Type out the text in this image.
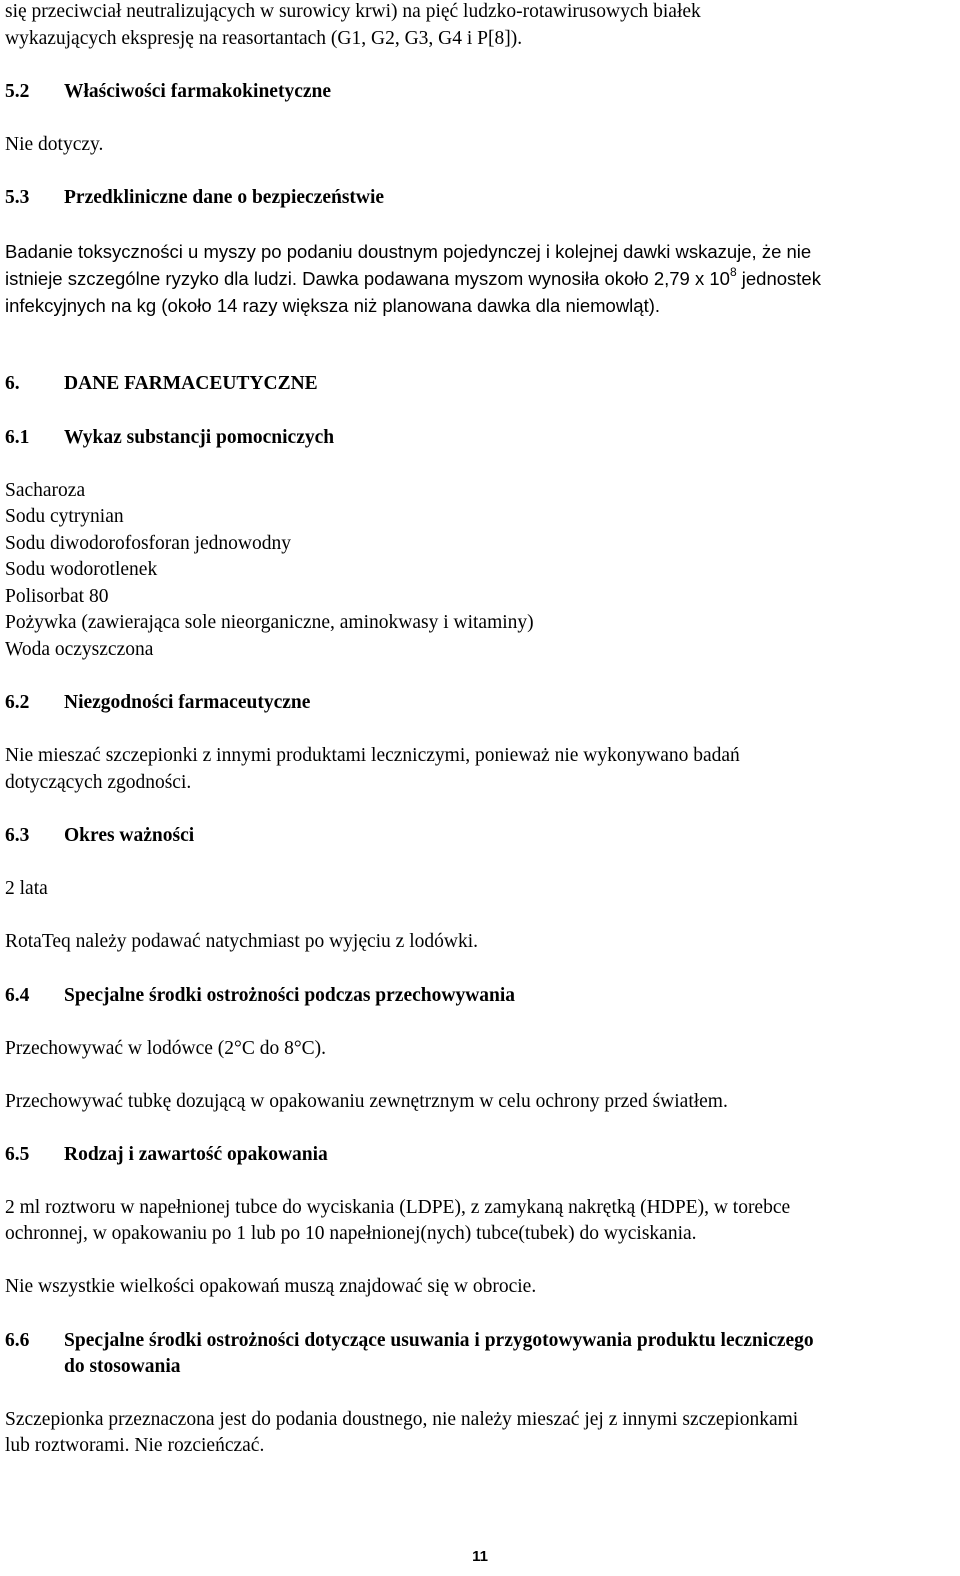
się przeciwciał neutralizujących w surowicy krwi) na pięć ludzko-rotawirusowych białek
wykazujących ekspresję na reasortantach (G1, G2, G3, G4 i P[8]).
5.2 Właściwości farmakokinetyczne
Nie dotyczy.
5.3 Przedkliniczne dane o bezpieczeństwie
Badanie toksyczności u myszy po podaniu doustnym pojedynczej i kolejnej dawki wskazuje, że nie
istnieje szczególne ryzyko dla ludzi. Dawka podawana myszom wynosiła około 2,79 x $10^8$ jednostek
infekcyjnych na kg (około 14 razy większa niż planowana dawka dla niemowląt).
6. DANE FARMACEUTYCZNE
6.1 Wykaz substancji pomocniczych
Sacharoza
Sodu cytrynian
Sodu diwodorofosforan jednowodny
Sodu wodorotlenek
Polisorbat 80
Pożywka (zawierająca sole nieorganiczne, aminokwasy i witaminy)
Woda oczyszczona
6.2 Niezgodności farmaceutyczne
Nie mieszać szczepionki z innymi produktami leczniczymi, ponieważ nie wykonywano badań
dotyczących zgodności.
6.3 Okres ważności
2 lata
RotaTeq należy podawać natychmiast po wyjęciu z lodówki.
6.4 Specjalne środki ostrożności podczas przechowywania
Przechowywać w lodówce (2°C do 8°C).
Przechowywać tubkę dozującą w opakowaniu zewnętrznym w celu ochrony przed światłem.
6.5 Rodzaj i zawartość opakowania
2 ml roztworu w napełnionej tubce do wyciskania (LDPE), z zamykaną nakrętką (HDPE), w torebce
ochronnej, w opakowaniu po 1 lub po 10 napełnionej(nych) tubce(tubek) do wyciskania.
Nie wszystkie wielkości opakowań muszą znajdować się w obrocie.
6.6 Specjalne środki ostrożności dotyczące usuwania i przygotowywania produktu leczniczego
do stosowania
Szczepionka przeznaczona jest do podania doustnego, nie należy mieszać jej z innymi szczepionkami
lub roztworami. Nie rozcieńczać.
11
